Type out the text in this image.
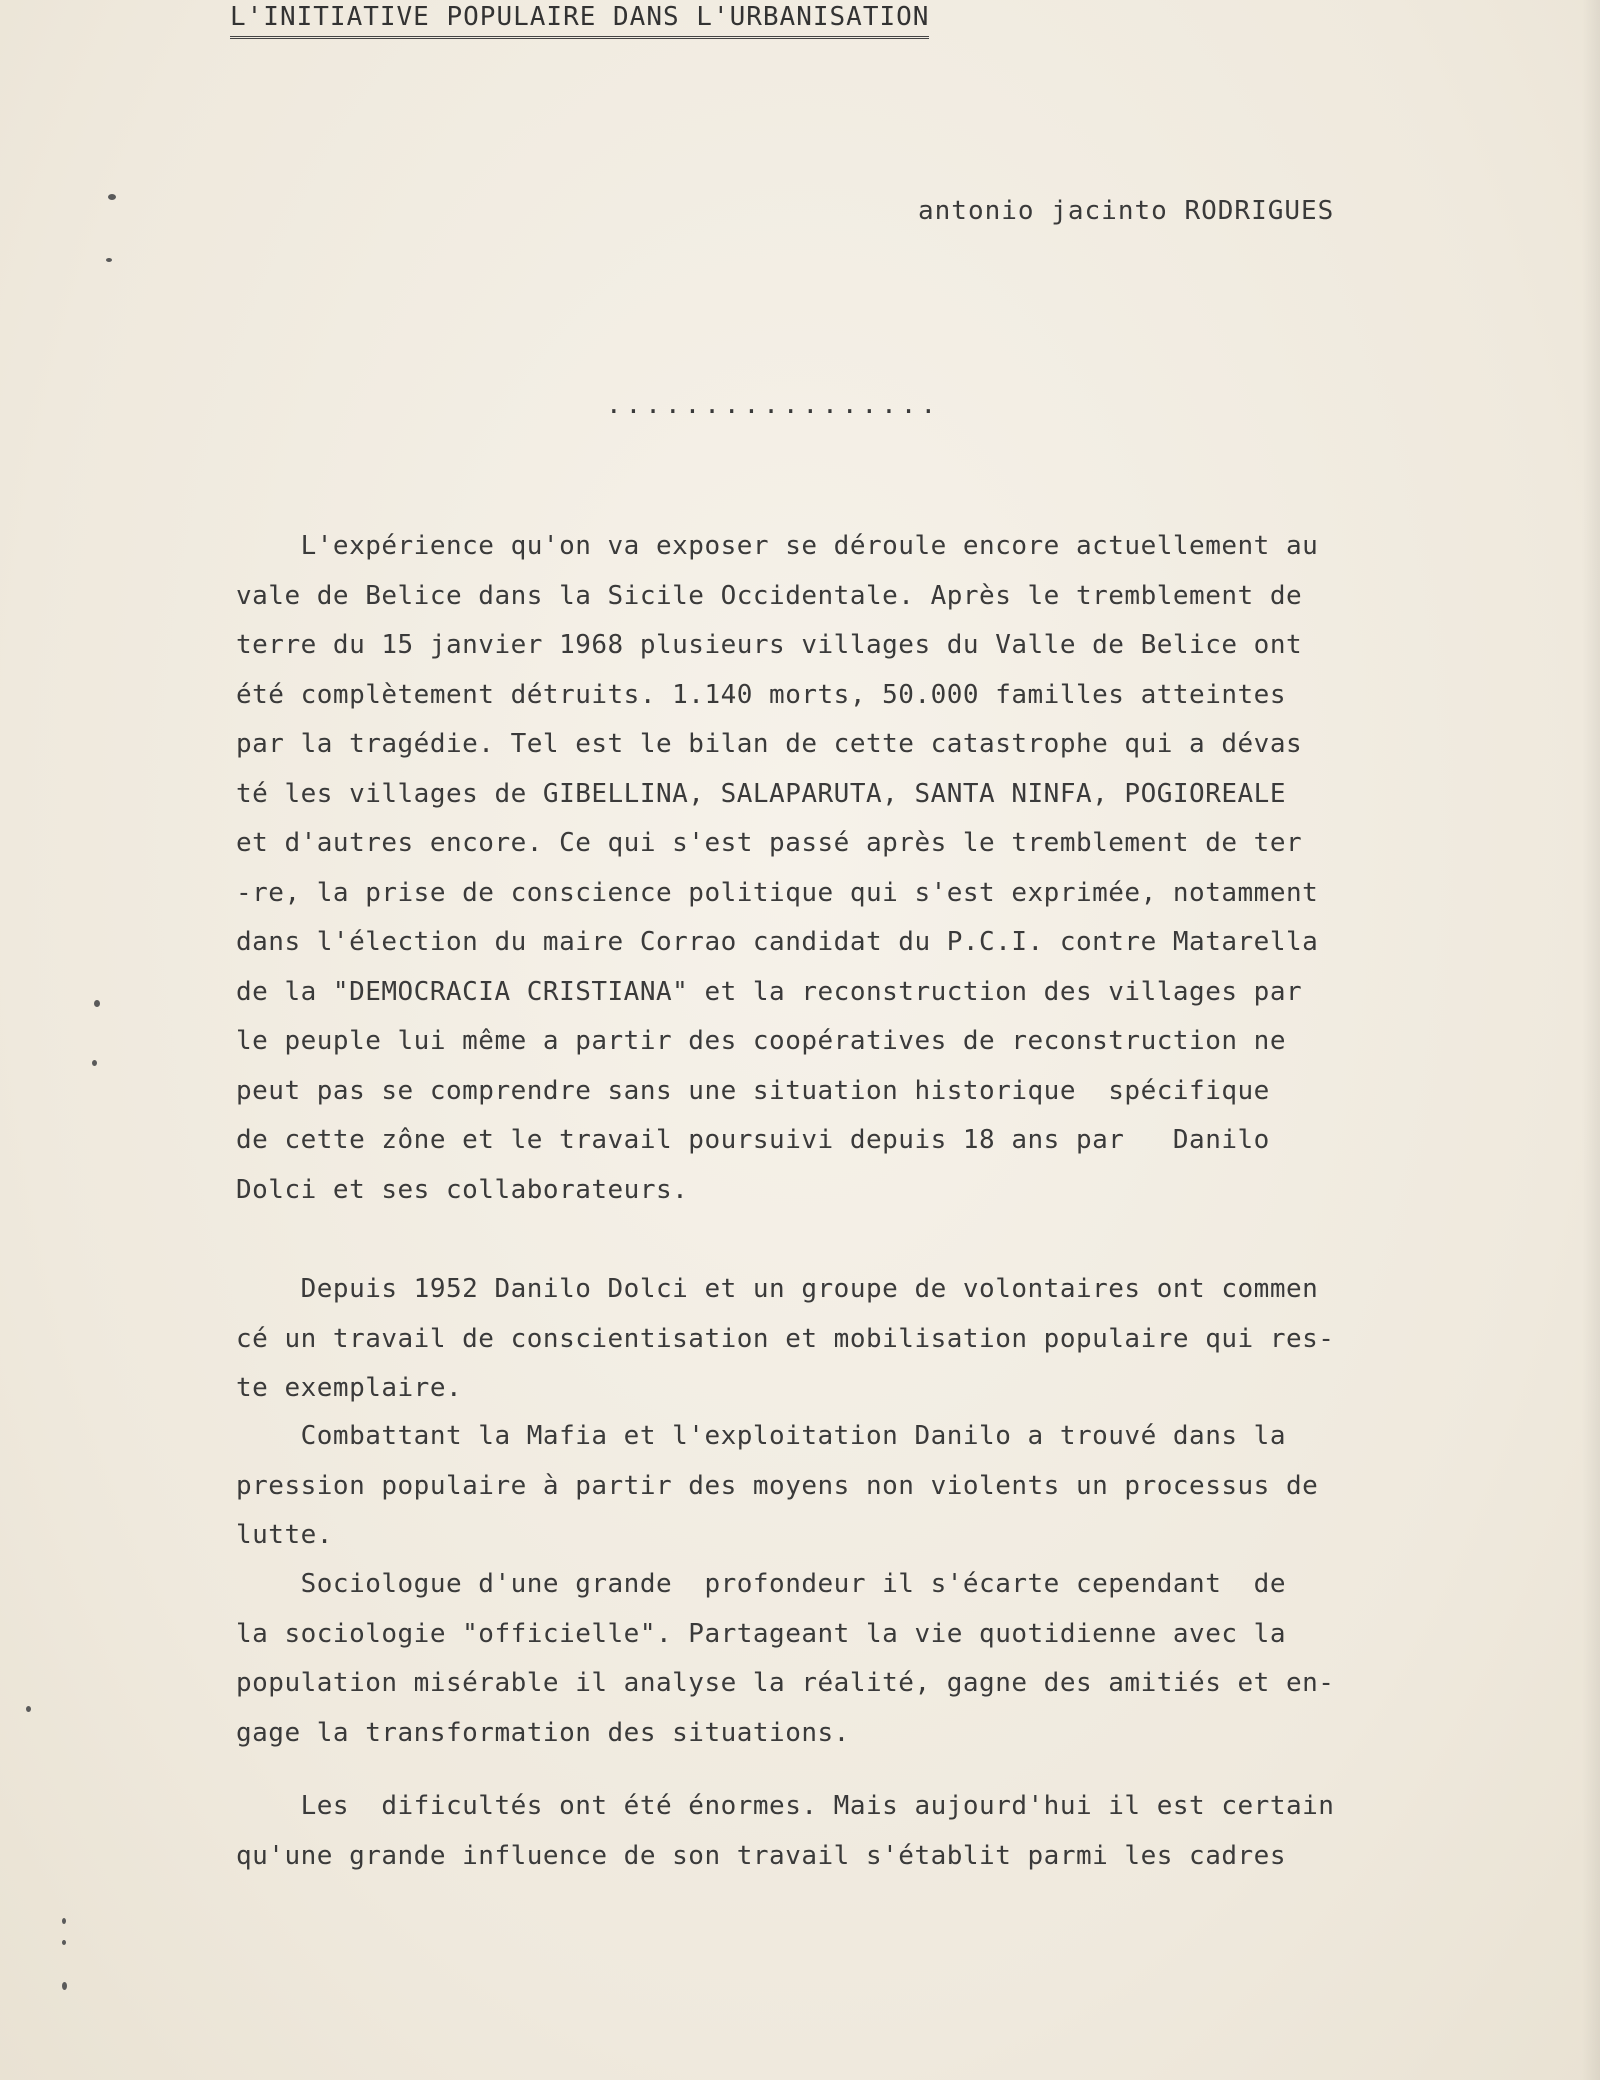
L'INITIATIVE POPULAIRE DANS L'URBANISATION
antonio jacinto RODRIGUES
.................
L'expérience qu'on va exposer se déroule encore actuellement au
vale de Belice dans la Sicile Occidentale. Après le tremblement de
terre du 15 janvier 1968 plusieurs villages du Valle de Belice ont
été complètement détruits. 1.140 morts, 50.000 familles atteintes
par la tragédie. Tel est le bilan de cette catastrophe qui a dévas
té les villages de GIBELLINA, SALAPARUTA, SANTA NINFA, POGIOREALE
et d'autres encore. Ce qui s'est passé après le tremblement de ter
-re, la prise de conscience politique qui s'est exprimée, notamment
dans l'élection du maire Corrao candidat du P.C.I. contre Matarella
de la "DEMOCRACIA CRISTIANA" et la reconstruction des villages par
le peuple lui même a partir des coopératives de reconstruction ne
peut pas se comprendre sans une situation historique  spécifique
de cette zône et le travail poursuivi depuis 18 ans par   Danilo
Dolci et ses collaborateurs.
Depuis 1952 Danilo Dolci et un groupe de volontaires ont commen
cé un travail de conscientisation et mobilisation populaire qui res-
te exemplaire.
Combattant la Mafia et l'exploitation Danilo a trouvé dans la
pression populaire à partir des moyens non violents un processus de
lutte.
Sociologue d'une grande  profondeur il s'écarte cependant  de
la sociologie "officielle". Partageant la vie quotidienne avec la
population misérable il analyse la réalité, gagne des amitiés et en-
gage la transformation des situations.
Les  dificultés ont été énormes. Mais aujourd'hui il est certain
qu'une grande influence de son travail s'établit parmi les cadres
